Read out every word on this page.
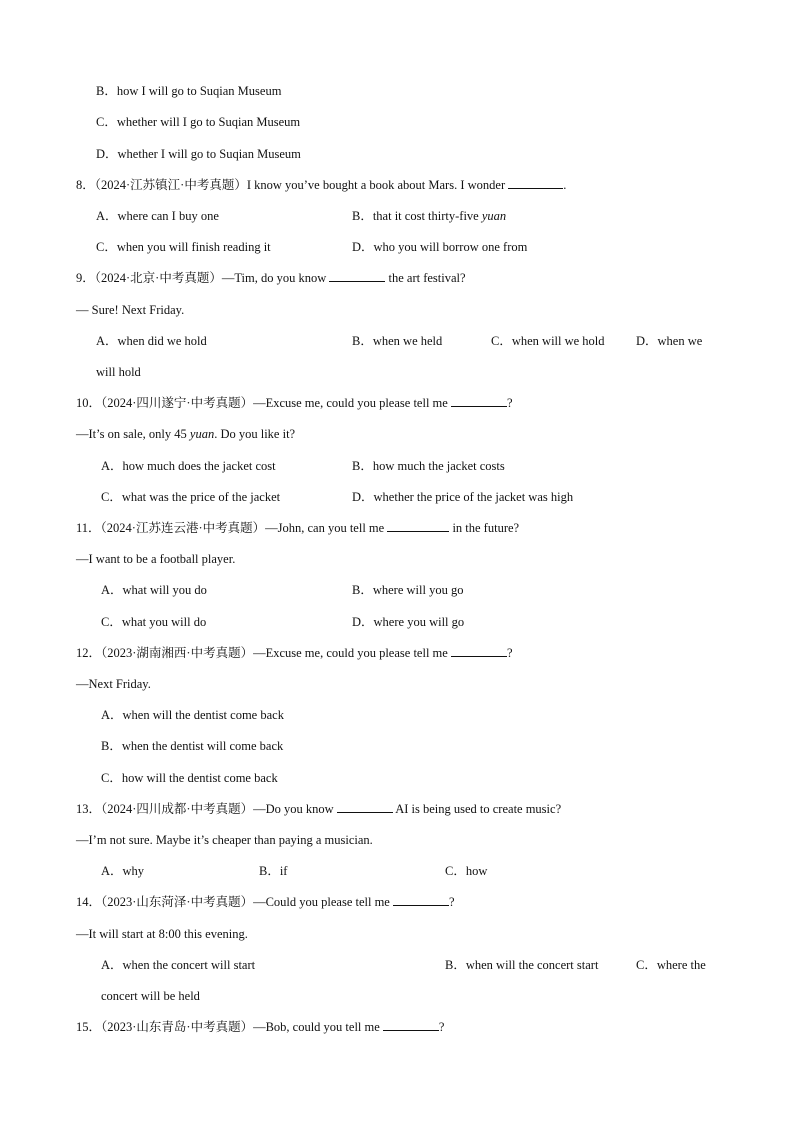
B．how I will go to Suqian Museum
C．whether will I go to Suqian Museum
D．whether I will go to Suqian Museum
8．（2024·江苏镇江·中考真题）I know you’ve bought a book about Mars. I wonder	.
A．where can I buy one	B．that it cost thirty-five yuan
C．when you will finish reading it	D．who you will borrow one from
9．（2024·北京·中考真题）—Tim, do you know	the art festival?
— Sure! Next Friday.
A．when did we hold	B．when we held	C．when will we hold	D．when we
will hold
10．（2024·四川遂宁·中考真题）—Excuse me, could you please tell me	?
—It’s on sale, only 45 yuan. Do you like it?
A．how much does the jacket cost	B．how much the jacket costs
C．what was the price of the jacket	D．whether the price of the jacket was high
11．（2024·江苏连云港·中考真题）—John, can you tell me	in the future?
—I want to be a football player.
A．what will you do	B．where will you go
C．what you will do	D．where you will go
12．（2023·湖南湘西·中考真题）—Excuse me, could you please tell me	?
—Next Friday.
A．when will the dentist come back
B．when the dentist will come back
C．how will the dentist come back
13．（2024·四川成都·中考真题）—Do you know	AI is being used to create music?
—I’m not sure. Maybe it’s cheaper than paying a musician.
A．why	B．if	C．how
14．（2023·山东菏泽·中考真题）—Could you please tell me	?
—It will start at 8:00 this evening.
A．when the concert will start	B．when will the concert start	C．where the
concert will be held
15．（2023·山东青岛·中考真题）—Bob, could you tell me	?
